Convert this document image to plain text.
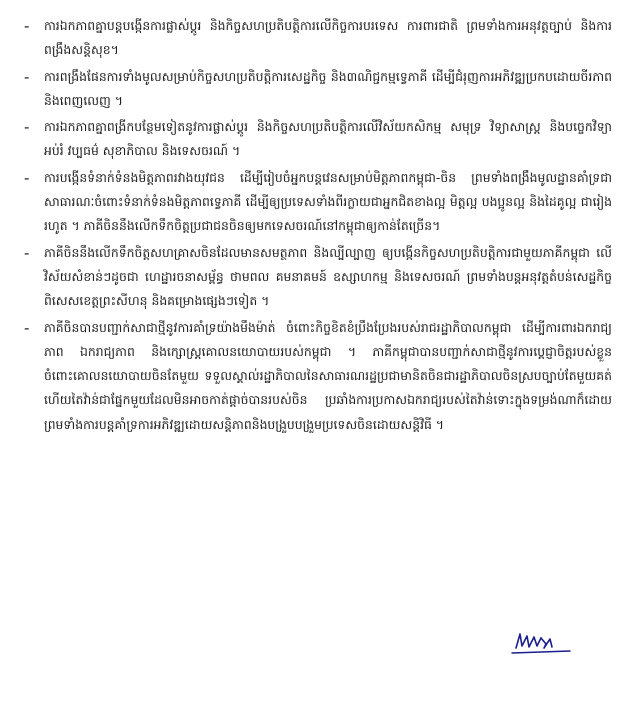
-	ការឯកភាពគ្នាបន្តបង្កើនការផ្លាស់ប្តូរ និងកិច្ចសហប្រតិបត្តិការលើកិច្ចការបរទេស ការពារជាតិ ព្រមទាំងការអនុវត្តច្បាប់ និងការពង្រឹងសន្តិសុខ។
-	ការពង្រឹងផែនការទាំងមូលសម្រាប់កិច្ចសហប្រតិបត្តិការសេដ្ឋកិច្ច និង៣ណិជ្ជកម្មទ្វេភាគី ដើម្បីជំរុញការអភិវឌ្ឍប្រកបដោយចីរភាព និងពេញលេញ ។
-	ការឯកភាពគ្នាពង្រីកបន្ថែមទៀតនូវការផ្លាស់ប្តូរ និងកិច្ចសហប្រតិបត្តិការលើវិស័យកសិកម្ម សមុទ្រ វិទ្យាសាស្ត្រ និងបច្ចេកវិទ្យា អប់រំ វប្បធម៌ សុខាភិបាល និងទេសចរណ៍ ។
-	ការបង្កើនទំនាក់ទំនងមិត្តភាពរវាងយុវជន ដើម្បីរៀបចំអ្នកបន្តវេនសម្រាប់មិត្តភាពកម្ពុជា-ចិន ព្រមទាំងពង្រឹងមូលដ្ឋានគាំទ្រជាសាធារណៈចំពោះទំនាក់ទំនងមិត្តភាពទ្វេភាគី ដើម្បីឲ្យប្រទេសទាំងពីរក្លាយជាអ្នកជិតខាងល្អ មិត្តល្អ បងប្អូនល្អ និងដៃគូល្អ ជារៀងរហូត ។ ភាគីចិននឹងលើកទឹកចិត្តប្រជាជនចិនឲ្យមកទេសចរណ៍នៅកម្ពុជាឲ្យកាន់តែច្រើន។
-	ភាគីចិននឹងលើកទឹកចិត្តសហគ្រាសចិនដែលមានសមត្ថភាព និងល្បីល្បាញ ឲ្យបង្កើនកិច្ចសហប្រតិបត្តិការជាមួយភាគីកម្ពុជា លើវិស័យសំខាន់ៗដូចជា ហេដ្ឋារចនាសម្ព័ន្ធ ថាមពល គមនាគមន៍ ឧស្សាហកម្ម និងទេសចរណ៍ ព្រមទាំងបន្តអនុវត្តតំបន់សេដ្ឋកិច្ចពិសេសខេត្តព្រះសីហនុ និងគម្រោងផ្សេងៗទៀត ។
-	ភាគីចិនបានបញ្ជាក់សាជាថ្មីនូវការគាំទ្រយ៉ាងមឹងម៉ាត់ ចំពោះកិច្ចខិតខំប្រឹងប្រែងរបស់រាជរដ្ឋាភិបាលកម្ពុជា ដើម្បីការពារឯករាជ្យភាព ឯករាជ្យភាព និងក្សោស្ត្រគោលនយោបាយរបស់កម្ពុជា ។ ភាគីកម្ពុជាបានបញ្ជាក់សាជាថ្មីនូវការប្តេជ្ញាចិត្តរបស់ខ្លួនចំពោះគោលនយោបាយចិនតែមួយ ទទួលស្គាល់រដ្ឋាភិបាលនៃសាធារណរដ្ឋប្រជាមានិតចិនជារដ្ឋាភិបាលចិនស្របច្បាប់តែមួយគត់ ហើយតៃវ៉ាន់ជាផ្នែកមួយដែលមិនអាចកាត់ផ្តាច់បានរបស់ចិន ប្រឆាំងការប្រកាសឯករាជ្យរបស់តៃវ៉ាន់ទោះក្នុងទម្រង់ណាក៏ដោយ ព្រមទាំងការបន្តគាំទ្រការអភិវឌ្ឍដោយសន្តិភាពនិងបង្រួបបង្រួមប្រទេសចិនដោយសន្តិវិធី ។
